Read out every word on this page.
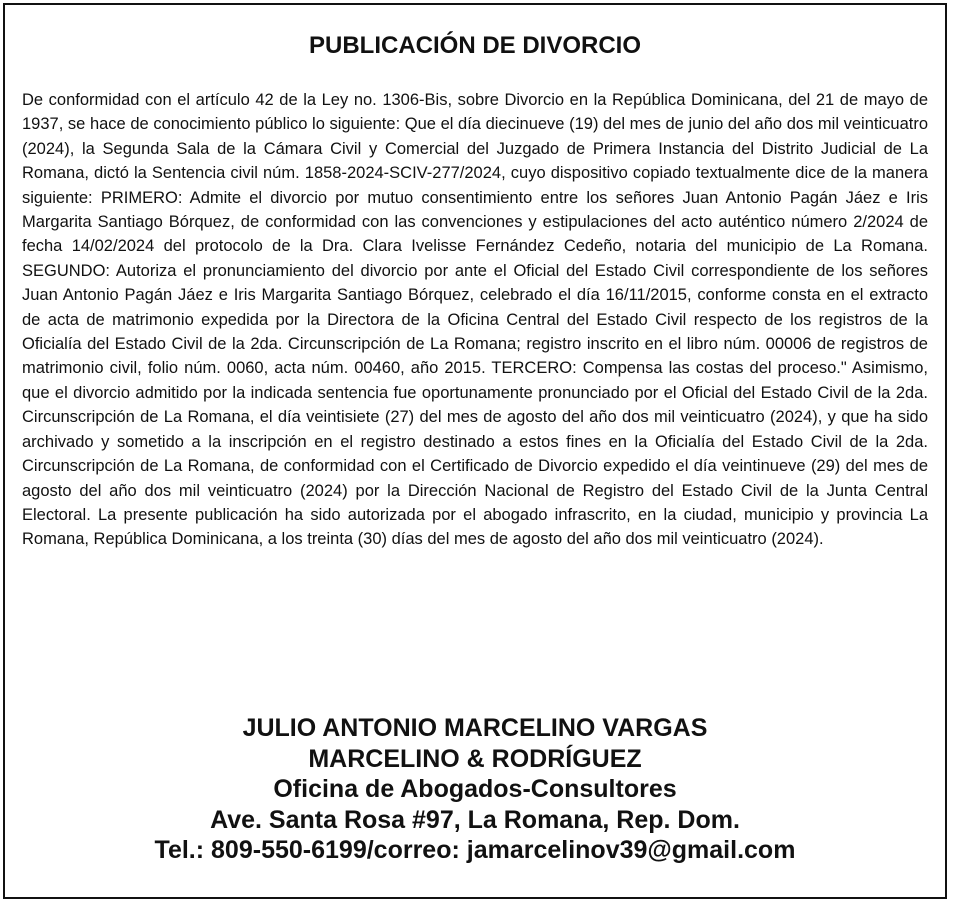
PUBLICACIÓN DE DIVORCIO

De conformidad con el artículo 42 de la Ley no. 1306-Bis, sobre Divorcio en la República Dominicana, del 21 de mayo de 1937, se hace de conocimiento público lo siguiente: Que el día diecinueve (19) del mes de junio del año dos mil veinticuatro (2024), la Segunda Sala de la Cámara Civil y Comercial del Juzgado de Primera Instancia del Distrito Judicial de La Romana, dictó la Sentencia civil núm. 1858-2024-SCIV-277/2024, cuyo dispositivo copiado textualmente dice de la manera siguiente: PRIMERO: Admite el divorcio por mutuo consentimiento entre los señores Juan Antonio Pagán Jáez e Iris Margarita Santiago Bórquez, de conformidad con las convenciones y estipulaciones del acto auténtico número 2/2024 de fecha 14/02/2024 del protocolo de la Dra. Clara Ivelisse Fernández Cedeño, notaria del municipio de La Romana. SEGUNDO: Autoriza el pronunciamiento del divorcio por ante el Oficial del Estado Civil correspondiente de los señores Juan Antonio Pagán Jáez e Iris Margarita Santiago Bórquez, celebrado el día 16/11/2015, conforme consta en el extracto de acta de matrimonio expedida por la Directora de la Oficina Central del Estado Civil respecto de los registros de la Oficialía del Estado Civil de la 2da. Circunscripción de La Romana; registro inscrito en el libro núm. 00006 de registros de matrimonio civil, folio núm. 0060, acta núm. 00460, año 2015. TERCERO: Compensa las costas del proceso." Asimismo, que el divorcio admitido por la indicada sentencia fue oportunamente pronunciado por el Oficial del Estado Civil de la 2da. Circunscripción de La Romana, el día veintisiete (27) del mes de agosto del año dos mil veinticuatro (2024), y que ha sido archivado y sometido a la inscripción en el registro destinado a estos fines en la Oficialía del Estado Civil de la 2da. Circunscripción de La Romana, de conformidad con el Certificado de Divorcio expedido el día veintinueve (29) del mes de agosto del año dos mil veinticuatro (2024) por la Dirección Nacional de Registro del Estado Civil de la Junta Central Electoral. La presente publicación ha sido autorizada por el abogado infrascrito, en la ciudad, municipio y provincia La Romana, República Dominicana, a los treinta (30) días del mes de agosto del año dos mil veinticuatro (2024).

JULIO ANTONIO MARCELINO VARGAS
MARCELINO & RODRÍGUEZ
Oficina de Abogados-Consultores
Ave. Santa Rosa #97, La Romana, Rep. Dom.
Tel.: 809-550-6199/correo: jamarcelinov39@gmail.com
